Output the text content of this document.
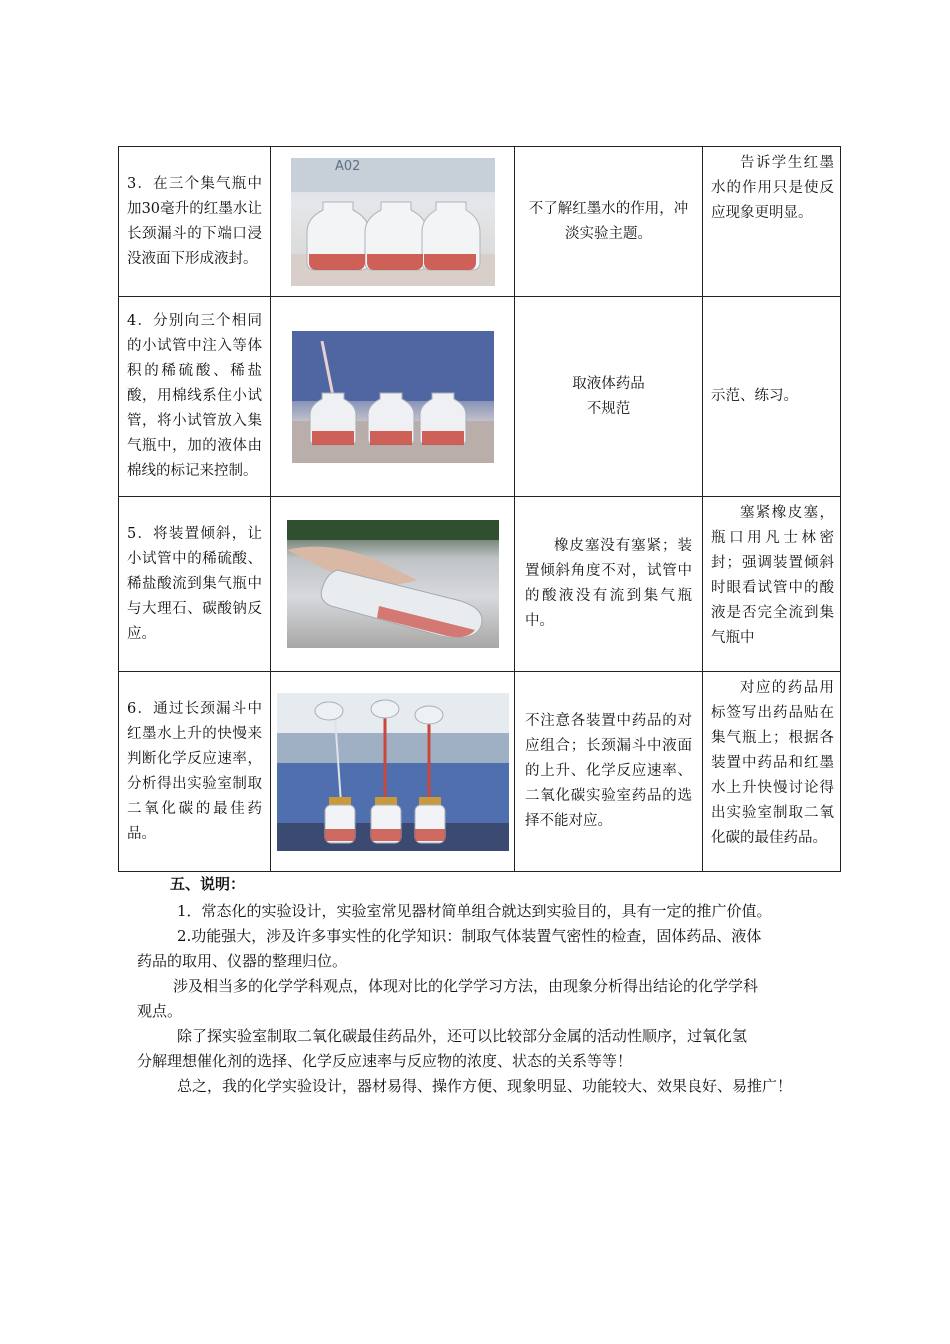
3．在三个集气瓶中加30毫升的红墨水让长颈漏斗的下端口浸没液面下形成液封。	A02	不了解红墨水的作用，冲淡实验主题。	告诉学生红墨水的作用只是使反应现象更明显。
4．分别向三个相同的小试管中注入等体积的稀硫酸、稀盐酸，用棉线系住小试管，将小试管放入集气瓶中，加的液体由棉线的标记来控制。		取液体药品
不规范	示范、练习。
5．将装置倾斜，让小试管中的稀硫酸、稀盐酸流到集气瓶中与大理石、碳酸钠反应。		橡皮塞没有塞紧；装置倾斜角度不对，试管中的酸液没有流到集气瓶中。	塞紧橡皮塞，瓶口用凡士林密封；强调装置倾斜时眼看试管中的酸液是否完全流到集气瓶中
6．通过长颈漏斗中红墨水上升的快慢来判断化学反应速率，分析得出实验室制取二氧化碳的最佳药品。		不注意各装置中药品的对应组合；长颈漏斗中液面的上升、化学反应速率、二氧化碳实验室药品的选择不能对应。	对应的药品用标签写出药品贴在集气瓶上；根据各装置中药品和红墨水上升快慢讨论得出实验室制取二氧化碳的最佳药品。
五、说明：
1．常态化的实验设计，实验室常见器材简单组合就达到实验目的，具有一定的推广价值。
2.功能强大，涉及许多事实性的化学知识：制取气体装置气密性的检查，固体药品、液体
药品的取用、仪器的整理归位。
涉及相当多的化学学科观点，体现对比的化学学习方法，由现象分析得出结论的化学学科
观点。
除了探实验室制取二氧化碳最佳药品外，还可以比较部分金属的活动性顺序，过氧化氢
分解理想催化剂的选择、化学反应速率与反应物的浓度、状态的关系等等！
总之，我的化学实验设计，器材易得、操作方便、现象明显、功能较大、效果良好、易推广！
